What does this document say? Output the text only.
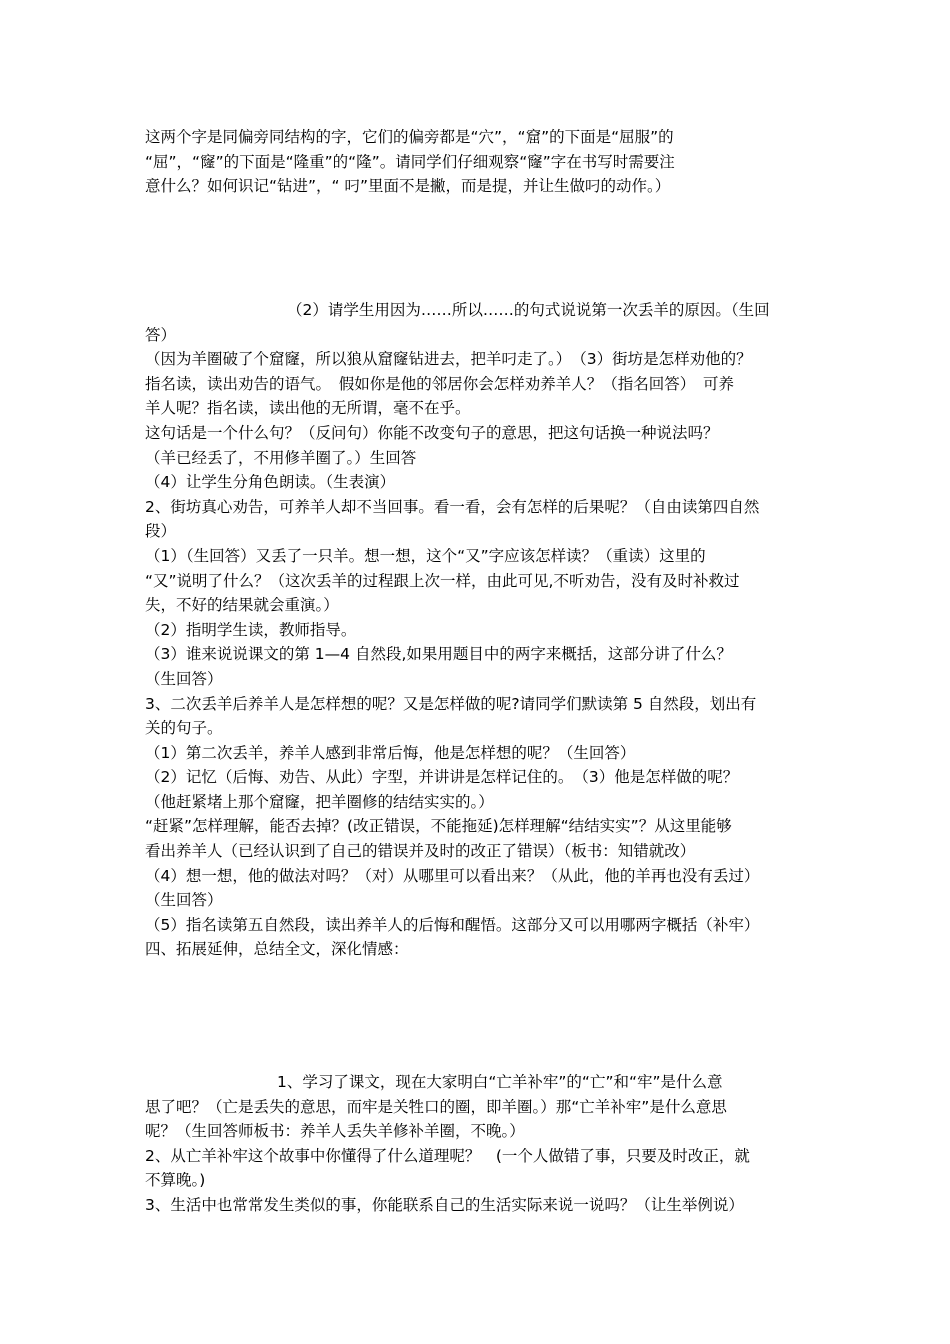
这两个字是同偏旁同结构的字，它们的偏旁都是“穴”，“窟”的下面是“屈服”的

“屈”，“窿”的下面是“隆重”的“隆”。请同学们仔细观察“窿”字在书写时需要注

意什么？如何识记“钻进”，“ 叼”里面不是撇，而是提，并让生做叼的动作。）

（2）请学生用因为……所以……的句式说说第一次丢羊的原因。（生回

答）

（因为羊圈破了个窟窿，所以狼从窟窿钻进去，把羊叼走了。）　（3）街坊是怎样劝他的？

指名读，读出劝告的语气。　假如你是他的邻居你会怎样劝养羊人？（指名回答）　可养

羊人呢？指名读，读出他的无所谓，毫不在乎。

这句话是一个什么句？（反问句）你能不改变句子的意思，把这句话换一种说法吗？

（羊已经丢了，不用修羊圈了。）生回答

（4）让学生分角色朗读。（生表演）

2、街坊真心劝告，可养羊人却不当回事。看一看，会有怎样的后果呢？（自由读第四自然

段）

（1）（生回答）又丢了一只羊。想一想，这个“又”字应该怎样读？（重读）这里的

“又”说明了什么？（这次丢羊的过程跟上次一样，由此可见,不听劝告，没有及时补救过

失，不好的结果就会重演。）

（2）指明学生读，教师指导。

（3）谁来说说课文的第 1—4 自然段,如果用题目中的两字来概括，这部分讲了什么？

（生回答）

3、二次丢羊后养羊人是怎样想的呢？又是怎样做的呢?请同学们默读第 5 自然段，划出有

关的句子。

（1）第二次丢羊，养羊人感到非常后悔，他是怎样想的呢？（生回答）

（2）记忆（后悔、劝告、从此）字型，并讲讲是怎样记住的。　（3）他是怎样做的呢？

（他赶紧堵上那个窟窿，把羊圈修的结结实实的。）

“赶紧”怎样理解，能否去掉？(改正错误，不能拖延)怎样理解“结结实实”？从这里能够

看出养羊人（已经认识到了自己的错误并及时的改正了错误）（板书：知错就改）

（4）想一想，他的做法对吗？（对）从哪里可以看出来？（从此，他的羊再也没有丢过）

（生回答）

（5）指名读第五自然段，读出养羊人的后悔和醒悟。这部分又可以用哪两字概括（补牢）

四、拓展延伸，总结全文，深化情感：

1、学习了课文，现在大家明白“亡羊补牢”的“亡”和“牢”是什么意

思了吧？（亡是丢失的意思，而牢是关牲口的圈，即羊圈。）那“亡羊补牢”是什么意思

呢？（生回答师板书：养羊人丢失羊修补羊圈，不晚。）

2、从亡羊补牢这个故事中你懂得了什么道理呢？　(一个人做错了事，只要及时改正，就

不算晚。)

3、生活中也常常发生类似的事，你能联系自己的生活实际来说一说吗？（让生举例说）
